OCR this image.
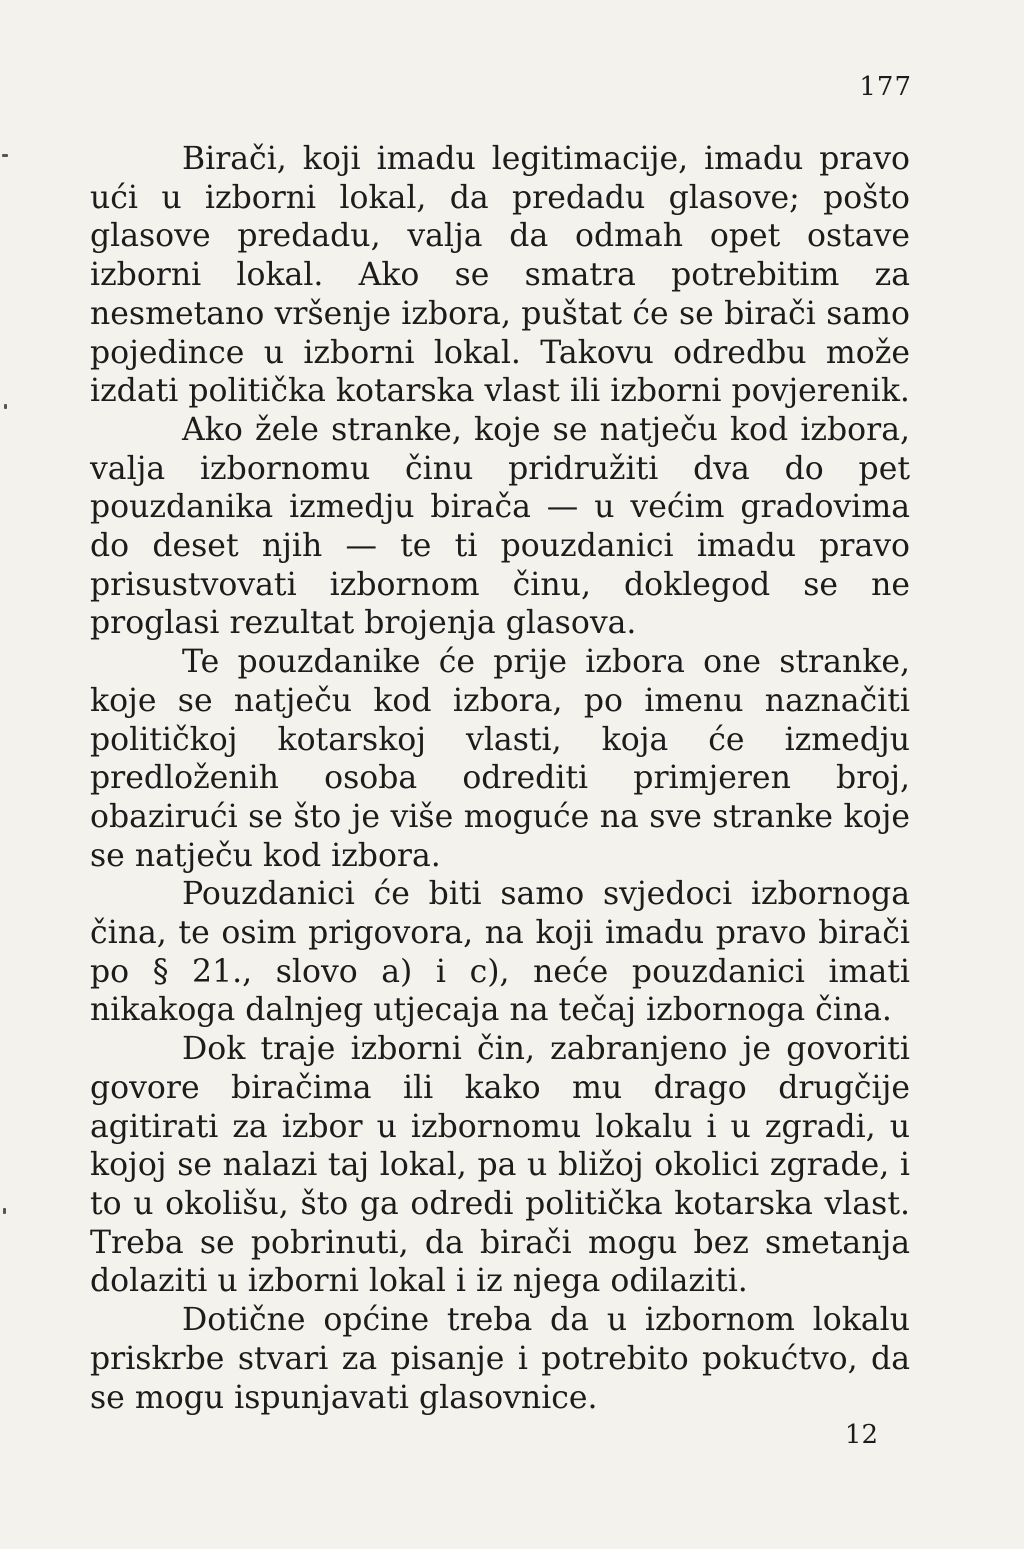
177

Birači, koji imadu legitimacije, imadu pravo ući u izborni lokal, da predadu glasove; pošto glasove predadu, valja da odmah opet ostave izborni lokal. Ako se smatra potrebitim za nesmetano vršenje izbora, puštat će se birači samo pojedince u izborni lokal. Takovu odredbu može izdati politička kotarska vlast ili izborni povjerenik.

Ako žele stranke, koje se natječu kod izbora, valja izbornomu činu pridružiti dva do pet pouzdanika izmedju birača — u većim gradovima do deset njih — te ti pouzdanici imadu pravo prisustvovati izbornom činu, doklegod se ne proglasi rezultat brojenja glasova.

Te pouzdanike će prije izbora one stranke, koje se natječu kod izbora, po imenu naznačiti političkoj kotarskoj vlasti, koja će izmedju predloženih osoba odrediti primjeren broj, obazirući se što je više moguće na sve stranke koje se natječu kod izbora.

Pouzdanici će biti samo svjedoci izbornoga čina, te osim prigovora, na koji imadu pravo birači po § 21., slovo a) i c), neće pouzdanici imati nikakoga dalnjeg utjecaja na tečaj izbornoga čina.

Dok traje izborni čin, zabranjeno je govoriti govore biračima ili kako mu drago drugčije agitirati za izbor u izbornomu lokalu i u zgradi, u kojoj se nalazi taj lokal, pa u bližoj okolici zgrade, i to u okolišu, što ga odredi politička kotarska vlast. Treba se pobrinuti, da birači mogu bez smetanja dolaziti u izborni lokal i iz njega odilaziti.

Dotične općine treba da u izbornom lokalu priskrbe stvari za pisanje i potrebito pokućtvo, da se mogu ispunjavati glasovnice.

12
